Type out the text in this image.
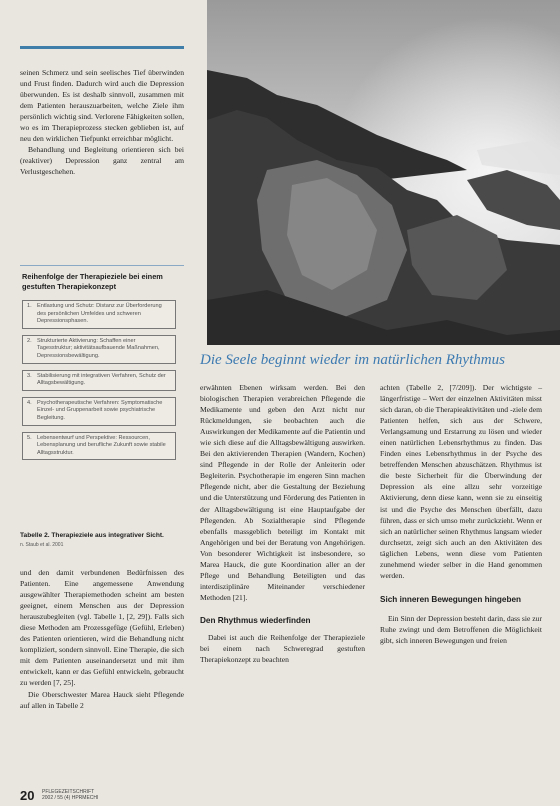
Die Seele beginnt wieder im natürlichen Rhythmus

seinen Schmerz und sein seelisches Tief überwinden und Frust finden. Dadurch wird auch die Depression überwunden. Es ist deshalb sinnvoll, zusammen mit dem Patienten herauszuarbeiten, welche Ziele ihm persönlich wichtig sind. Verlorene Fähigkeiten sollen, wo es im Therapieprozess stecken geblieben ist, auf neu den wirklichen Tiefpunkt erreichbar möglicht.

Behandlung und Begleitung orientieren sich bei (reaktiver) Depression ganz zentral am Verlustgeschehen.

Reihenfolge der Therapieziele bei einem gestuften Therapiekonzept
1. Entlastung und Schutz: Distanz zur Überforderung des persönlichen Umfeldes und schweren Depressionsphasen.
2. Strukturierte Aktivierung: Schaffen einer Tagesstruktur; aktivitätsaufbauende Maßnahmen, Depressionsbewältigung.
3. Stabilisierung mit integrativen Verfahren, Schutz der Alltagsbewältigung.
4. Psychotherapeutische Verfahren: Symptomatische Einzel- und Gruppenarbeit sowie psychiatrische Begleitung.
5. Lebensentwurf und Perspektive: Ressourcen, Lebensplanung und berufliche Zukunft sowie stabile Alltagsstruktur.
Tabelle 2. Therapieziele aus integrativer Sicht.
n. Staub et al. 2001

und den damit verbundenen Bedürfnissen des Patienten. Eine angemessene Anwendung ausgewählter Therapiemethoden scheint am besten geeignet, einem Menschen aus der Depression herauszubegleiten (vgl. Tabelle 1, [2, 29]). Falls sich diese Methoden am Prozessgefüge (Gefühl, Erleben) des Patienten orientieren, wird die Behandlung nicht kompliziert, sondern sinnvoll. Eine Therapie, die sich mit dem Patienten auseinandersetzt und mit ihm entwickelt, kann er das Gefühl entwickeln, gebraucht zu werden [7, 25].

Die Oberschwester Marea Hauck sieht Pflegende auf allen in Tabelle 2

erwähnten Ebenen wirksam werden. Bei den biologischen Therapien verabreichen Pflegende die Medikamente und geben den Arzt nicht nur Rückmeldungen, sie beobachten auch die Auswirkungen der Medikamente auf die Patientin und wie sich diese auf die Alltagsbewältigung auswirken. Bei den aktivierenden Therapien (Wandern, Kochen) sind Pflegende in der Rolle der Anleiterin oder Begleiterin. Psychotherapie im engeren Sinn machen Pflegende nicht, aber die Gestaltung der Beziehung und die Unterstützung und Förderung des Patienten in der Alltagsbewältigung ist eine Hauptaufgabe der Pflegenden. Ab Sozialtherapie sind Pflegende ebenfalls massgeblich beteiligt im Kontakt mit Angehörigen und bei der Beratung von Angehörigen. Von besonderer Wichtigkeit ist insbesondere, so Marea Hauck, die gute Koordination aller an der Pflege und Behandlung Beteiligten und das interdisziplinäre Miteinander verschiedener Methoden [21].

Den Rhythmus wiederfinden

Dabei ist auch die Reihenfolge der Therapieziele bei einem nach Schweregrad gestuften Therapiekonzept zu beachten

achten (Tabelle 2, [7/209]). Der wichtigste – längerfristige – Wert der einzelnen Aktivitäten misst sich daran, ob die Therapieaktivitäten und -ziele dem Patienten helfen, sich aus der Schwere, Verlangsamung und Erstarrung zu lösen und wieder einen natürlichen Lebensrhythmus zu finden. Das Finden eines Lebensrhythmus in der Psyche des betreffenden Menschen abzuschätzen. Rhythmus ist die beste Sicherheit für die Überwindung der Depression als eine allzu sehr vorzeitige Aktivierung, denn diese kann, wenn sie zu einseitig ist und die Psyche des Menschen überfällt, dazu führen, dass er sich umso mehr zurückzieht. Wenn er sich an natürlicher seinen Rhythmus langsam wieder durchsetzt, zeigt sich auch an den Aktivitäten des täglichen Lebens, wenn diese vom Patienten zunehmend wieder selber in die Hand genommen werden.

Sich inneren Bewegungen hingeben

Ein Sinn der Depression besteht darin, dass sie zur Ruhe zwingt und dem Betroffenen die Möglichkeit gibt, sich inneren Bewegungen und freien

20 PFLEGEZEITSCHRIFT 2002 / 55 (4) HPRMECHI
